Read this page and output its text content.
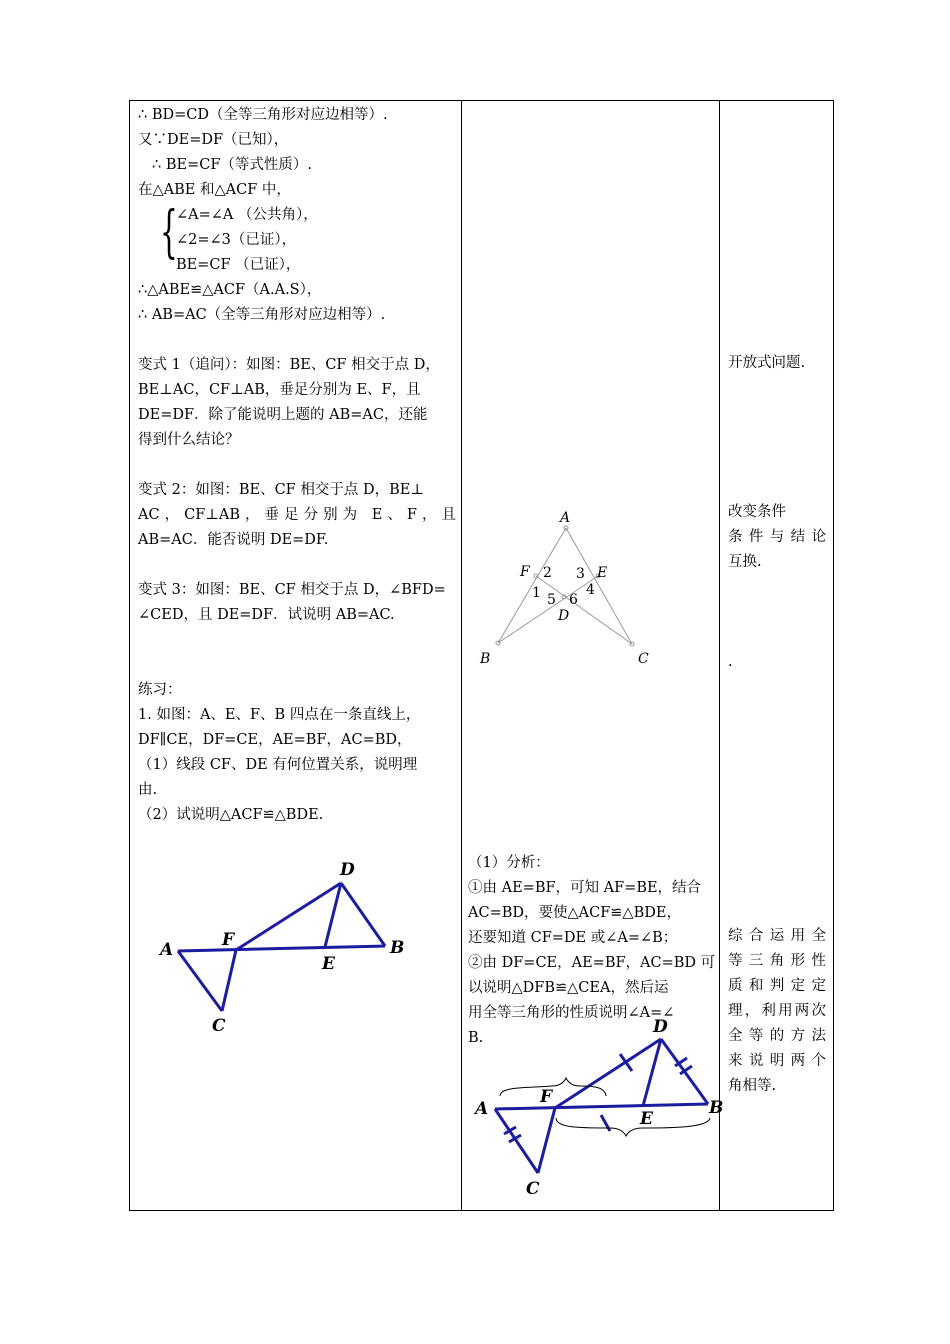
∴ BD=CD（全等三角形对应边相等）.
又∵DE=DF（已知），
∴ BE=CF（等式性质）.
在△ABE 和△ACF 中，
{
∠A=∠A （公共角），
∠2=∠3（已证），
BE=CF （已证），
∴△ABE≌△ACF（A.A.S），
∴ AB=AC（全等三角形对应边相等）.
变式 1（追问）：如图：BE、CF 相交于点 D，
BE⊥AC，CF⊥AB，垂足分别为 E、F，且
DE=DF．除了能说明上题的 AB=AC，还能
得到什么结论？
变式 2：如图：BE、CF 相交于点 D，BE⊥
AC，CF⊥AB，垂足分别为 E、F，且
AB=AC．能否说明 DE=DF.
变式 3：如图：BE、CF 相交于点 D，∠BFD=
∠CED，且 DE=DF．试说明 AB=AC.
练习：
1. 如图：A、E、F、B 四点在一条直线上，
DF∥CE，DF=CE，AE=BF，AC=BD，
（1）线段 CF、DE 有何位置关系，说明理
由.
（2）试说明△ACF≌△BDE.
A	F
D
B
E
C
A
F	E
D
B	C
1
2 3
4
5 6
（1）分析：
①由 AE=BF，可知 AF=BE，结合
AC=BD，要使△ACF≌△BDE，
还要知道 CF=DE 或∠A=∠B；
②由 DF=CE，AE=BF，AC=BD 可
以说明△DFB≌△CEA，然后运
用全等三角形的性质说明∠A=∠
B.
A
F
D
B
E
C
开放式问题.
改变条件
条件与结论
互换.
.
综合运用全
等三角形性
质和判定定
理，利用两次
全等的方法
来说明两个
角相等.
